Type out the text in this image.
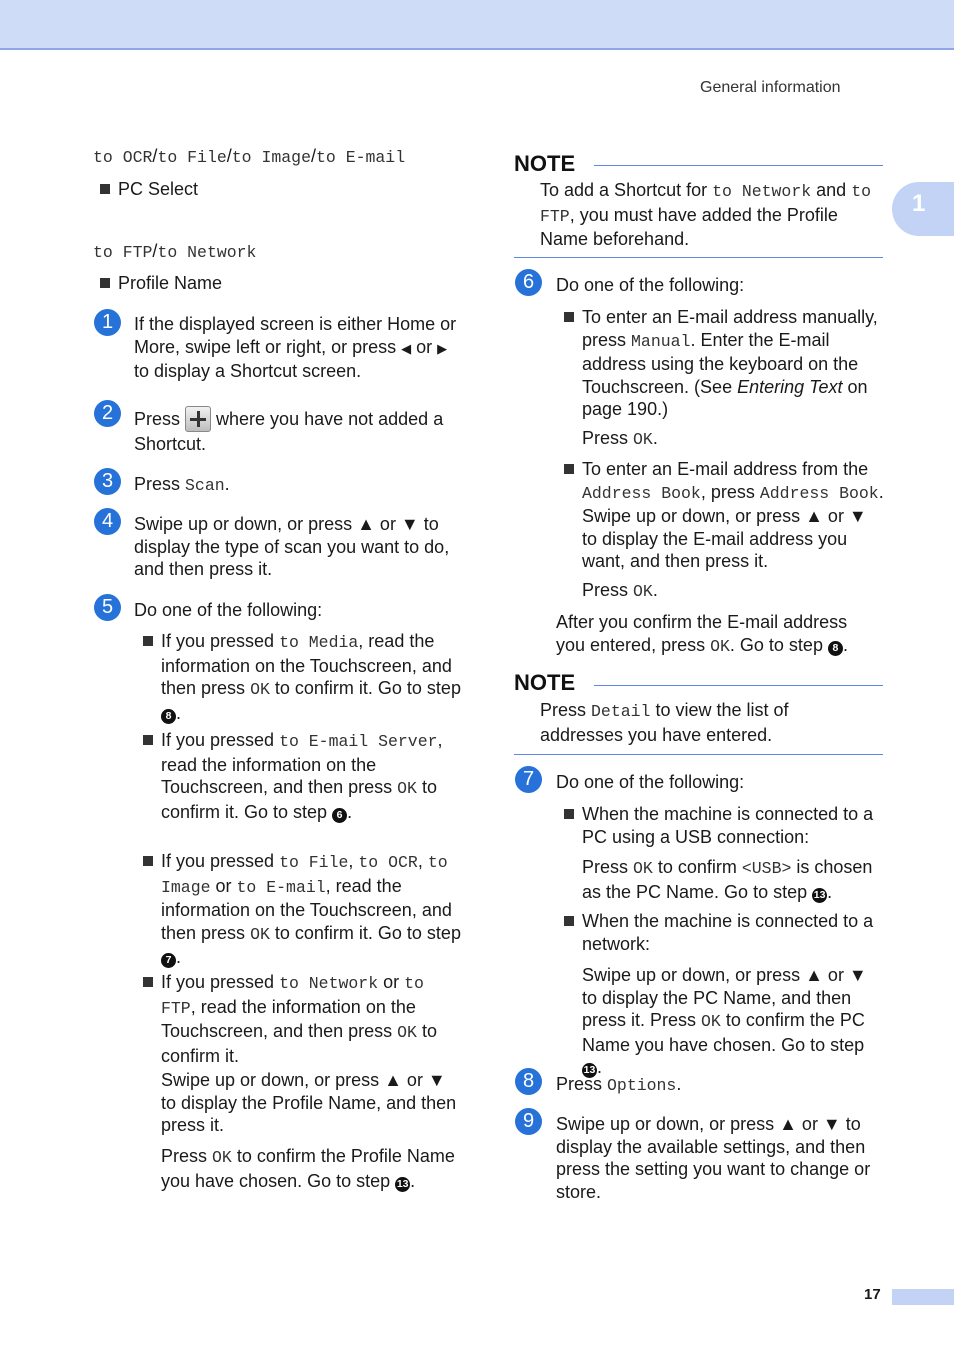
General information
1
to OCR/to File/to Image/to E-mail
PC Select
to FTP/to Network
Profile Name
1	If the displayed screen is either Home or More, swipe left or right, or press ◀ or ▶ to display a Shortcut screen.
2	Press  where you have not added a Shortcut.
3	Press Scan.
4	Swipe up or down, or press ▲ or ▼ to display the type of scan you want to do, and then press it.
5	Do one of the following:
If you pressed to Media, read the information on the Touchscreen, and then press OK to confirm it. Go to step 8 .
If you pressed to E-mail Server, read the information on the Touchscreen, and then press OK to confirm it. Go to step 6 .
If you pressed to File, to OCR, to Image or to E-mail, read the information on the Touchscreen, and then press OK to confirm it. Go to step 7 .
If you pressed to Network or to FTP, read the information on the Touchscreen, and then press OK to confirm it.
Swipe up or down, or press ▲ or ▼ to display the Profile Name, and then press it.
Press OK to confirm the Profile Name you have chosen. Go to step 13.
NOTE
To add a Shortcut for to Network and to FTP, you must have added the Profile Name beforehand.
6	Do one of the following:
To enter an E-mail address manually, press Manual. Enter the E-mail address using the keyboard on the Touchscreen. (See Entering Text on page 190.)
Press OK.
To enter an E-mail address from the Address Book, press Address Book. Swipe up or down, or press ▲ or ▼ to display the E-mail address you want, and then press it.
Press OK.
After you confirm the E-mail address you entered, press OK. Go to step 8 .
NOTE
Press Detail to view the list of addresses you have entered.
7	Do one of the following:
When the machine is connected to a PC using a USB connection:
Press OK to confirm <USB> is chosen as the PC Name. Go to step 13.
When the machine is connected to a network:
Swipe up or down, or press ▲ or ▼ to display the PC Name, and then press it. Press OK to confirm the PC Name you have chosen. Go to step 13.
8	Press Options.
9	Swipe up or down, or press ▲ or ▼ to display the available settings, and then press the setting you want to change or store.
17
